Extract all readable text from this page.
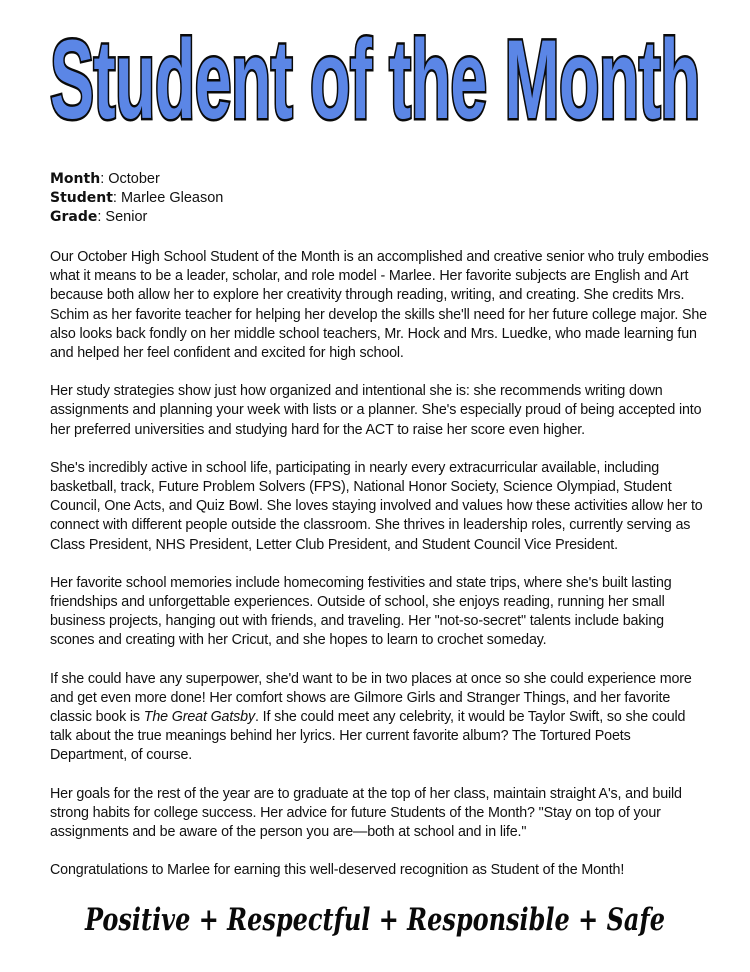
Student of the Month
Month: October
Student: Marlee Gleason
Grade: Senior

Our October High School Student of the Month is an accomplished and creative senior who truly embodies what it means to be a leader, scholar, and role model - Marlee. Her favorite subjects are English and Art because both allow her to explore her creativity through reading, writing, and creating. She credits Mrs. Schim as her favorite teacher for helping her develop the skills she'll need for her future college major. She also looks back fondly on her middle school teachers, Mr. Hock and Mrs. Luedke, who made learning fun and helped her feel confident and excited for high school.

Her study strategies show just how organized and intentional she is: she recommends writing down assignments and planning your week with lists or a planner. She's especially proud of being accepted into her preferred universities and studying hard for the ACT to raise her score even higher.

She's incredibly active in school life, participating in nearly every extracurricular available, including basketball, track, Future Problem Solvers (FPS), National Honor Society, Science Olympiad, Student Council, One Acts, and Quiz Bowl. She loves staying involved and values how these activities allow her to connect with different people outside the classroom. She thrives in leadership roles, currently serving as Class President, NHS President, Letter Club President, and Student Council Vice President.

Her favorite school memories include homecoming festivities and state trips, where she's built lasting friendships and unforgettable experiences. Outside of school, she enjoys reading, running her small business projects, hanging out with friends, and traveling. Her "not-so-secret" talents include baking scones and creating with her Cricut, and she hopes to learn to crochet someday.

If she could have any superpower, she'd want to be in two places at once so she could experience more and get even more done! Her comfort shows are Gilmore Girls and Stranger Things, and her favorite classic book is The Great Gatsby. If she could meet any celebrity, it would be Taylor Swift, so she could talk about the true meanings behind her lyrics. Her current favorite album? The Tortured Poets Department, of course.

Her goals for the rest of the year are to graduate at the top of her class, maintain straight A's, and build strong habits for college success. Her advice for future Students of the Month? "Stay on top of your assignments and be aware of the person you are—both at school and in life."

Congratulations to Marlee for earning this well-deserved recognition as Student of the Month!

Positive + Respectful + Responsible + Safe
